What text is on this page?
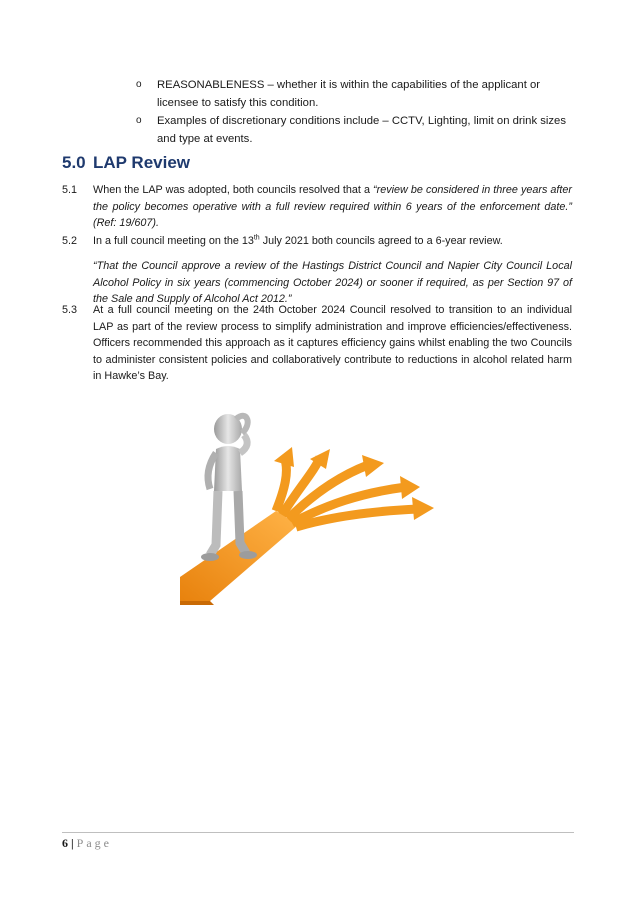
o REASONABLENESS – whether it is within the capabilities of the applicant or licensee to satisfy this condition.
o Examples of discretionary conditions include – CCTV, Lighting, limit on drink sizes and type at events.
5.0 LAP Review
5.1 When the LAP was adopted, both councils resolved that a “review be considered in three years after the policy becomes operative with a full review required within 6 years of the enforcement date.” (Ref: 19/607).
5.2 In a full council meeting on the 13th July 2021 both councils agreed to a 6-year review.
“That the Council approve a review of the Hastings District Council and Napier City Council Local Alcohol Policy in six years (commencing October 2024) or sooner if required, as per Section 97 of the Sale and Supply of Alcohol Act 2012.”
5.3 At a full council meeting on the 24th October 2024 Council resolved to transition to an individual LAP as part of the review process to simplify administration and improve efficiencies/effectiveness. Officers recommended this approach as it captures efficiency gains whilst enabling the two Councils to administer consistent policies and collaboratively contribute to reductions in alcohol related harm in Hawke’s Bay.
6 | Page
